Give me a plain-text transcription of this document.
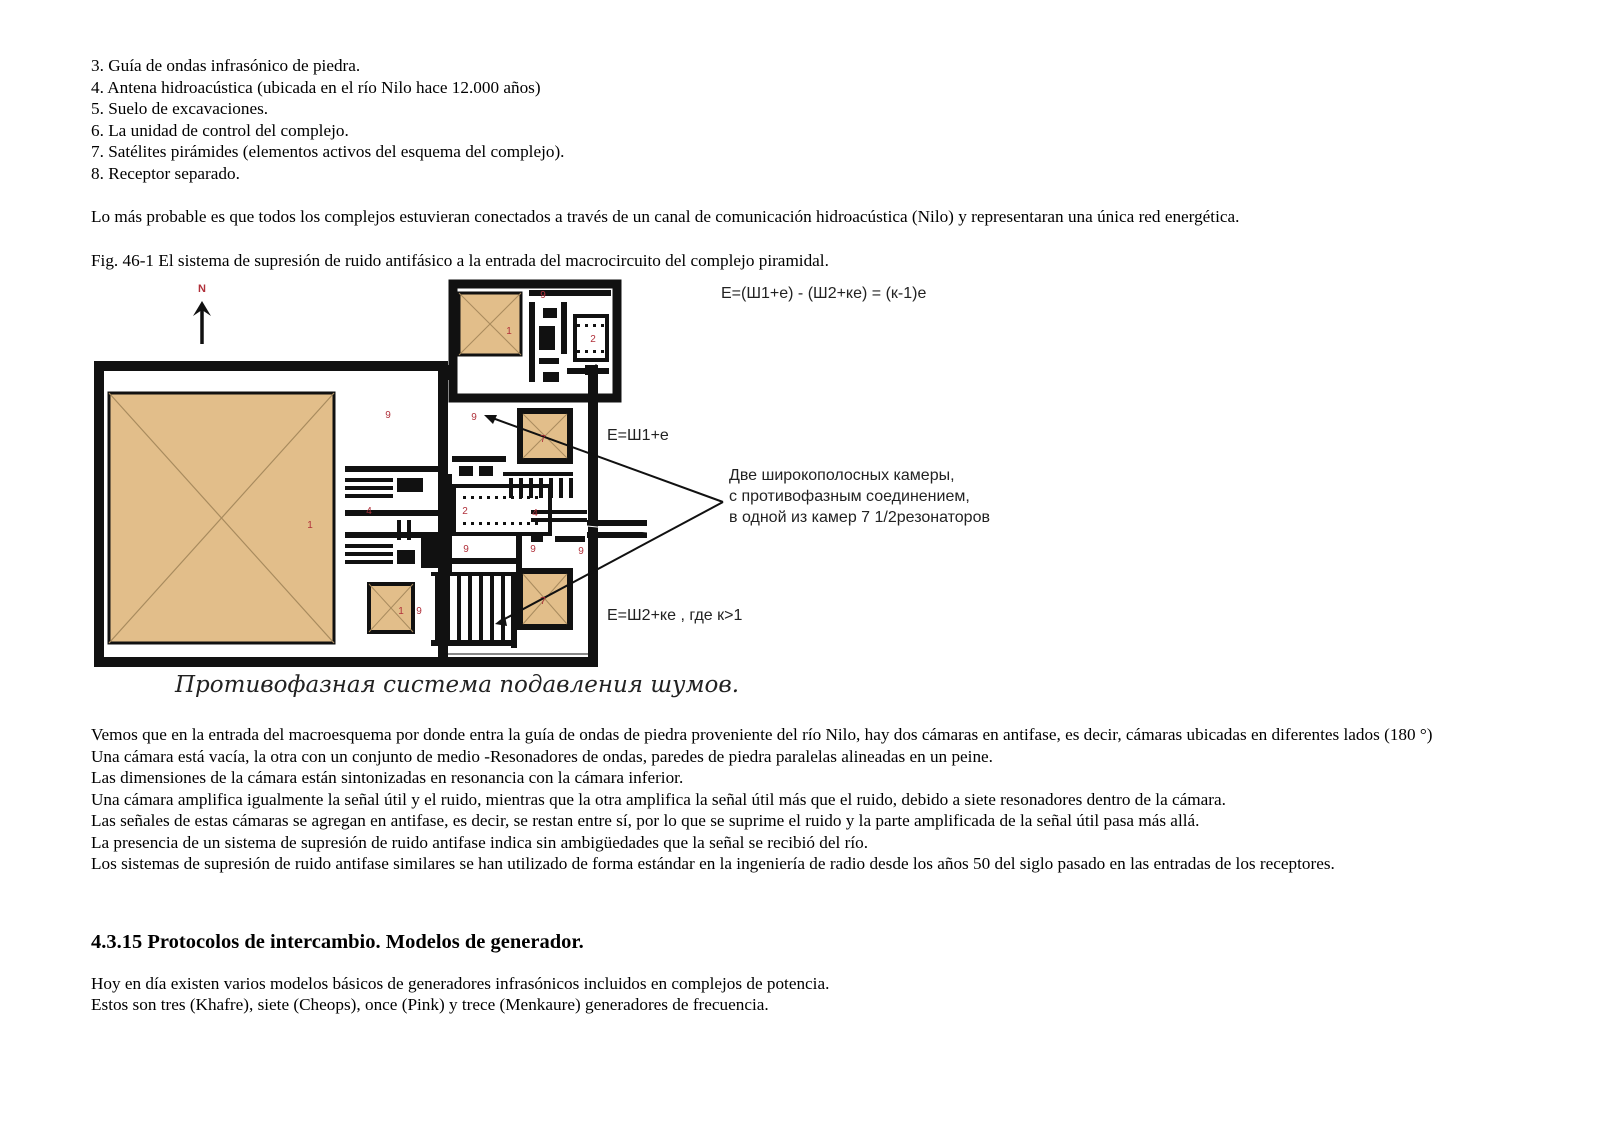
3. Guía de ondas infrasónico de piedra.
4. Antena hidroacústica (ubicada en el río Nilo hace 12.000 años)
5. Suelo de excavaciones.
6. La unidad de control del complejo.
7. Satélites pirámides (elementos activos del esquema del complejo).
8. Receptor separado.
Lo más probable es que todos los complejos estuvieran conectados a través de un canal de comunicación hidroacústica (Nilo) y representaran una única red energética.
Fig. 46-1 El sistema de supresión de ruido antifásico a la entrada del macrocircuito del complejo piramidal.
N
1
1
1
2
2
4	4
7
7
9	9
9
9	9	9
9
E=(Ш1+е) - (Ш2+ке) = (к-1)е
E=Ш1+е
E=Ш2+ке , где к>1
Две широкополосных камеры,
с противофазным соединением,
в одной из камер 7 1/2резонаторов
Противофазная система подавления шумов.
Vemos que en la entrada del macroesquema por donde entra la guía de ondas de piedra proveniente del río Nilo, hay dos cámaras en antifase, es decir, cámaras ubicadas en diferentes lados (180 °)
Una cámara está vacía, la otra con un conjunto de medio -Resonadores de ondas, paredes de piedra paralelas alineadas en un peine.
Las dimensiones de la cámara están sintonizadas en resonancia con la cámara inferior.
Una cámara amplifica igualmente la señal útil y el ruido, mientras que la otra amplifica la señal útil más que el ruido, debido a siete resonadores dentro de la cámara.
Las señales de estas cámaras se agregan en antifase, es decir, se restan entre sí, por lo que se suprime el ruido y la parte amplificada de la señal útil pasa más allá.
La presencia de un sistema de supresión de ruido antifase indica sin ambigüedades que la señal se recibió del río.
Los sistemas de supresión de ruido antifase similares se han utilizado de forma estándar en la ingeniería de radio desde los años 50 del siglo pasado en las entradas de los receptores.
4.3.15 Protocolos de intercambio. Modelos de generador.
Hoy en día existen varios modelos básicos de generadores infrasónicos incluidos en complejos de potencia.
Estos son tres (Khafre), siete (Cheops), once (Pink) y trece (Menkaure) generadores de frecuencia.
